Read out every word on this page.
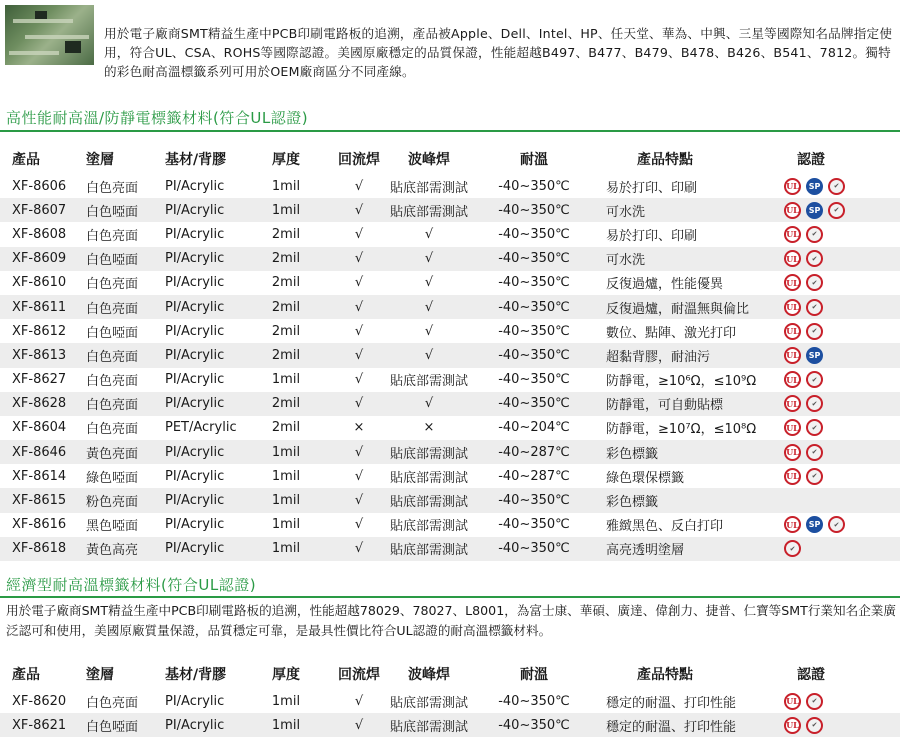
用於電子廠商SMT精益生產中PCB印刷電路板的追溯，產品被Apple、Dell、Intel、HP、任天堂、華為、中興、三星等國際知名品牌指定使用，符合UL、CSA、ROHS等國際認證。美國原廠穩定的品質保證，性能超越B497、B477、B479、B478、B426、B541、7812。獨特的彩色耐高溫標籤系列可用於OEM廠商區分不同產線。
高性能耐高溫/防靜電標籤材料(符合UL認證)
產品	塗層	基材/背膠	厚度	回流焊	波峰焊	耐溫	產品特點	認證
XF-8606 白色亮面 PI/Acrylic	1mil	√	貼底部需測試	-40~350℃	易於打印、印刷	UL	SP	✔
XF-8607 白色啞面 PI/Acrylic	1mil	√	貼底部需測試	-40~350℃	可水洗	UL	SP	✔
XF-8608 白色亮面 PI/Acrylic	2mil	√	√	-40~350℃	易於打印、印刷	UL	✔
XF-8609 白色啞面 PI/Acrylic	2mil	√	√	-40~350℃	可水洗	UL	✔
XF-8610 白色亮面 PI/Acrylic	2mil	√	√	-40~350℃	反復過爐，性能優異	UL	✔
XF-8611 白色亮面 PI/Acrylic	2mil	√	√	-40~350℃	反復過爐，耐溫無與倫比	UL	✔
XF-8612 白色啞面 PI/Acrylic	2mil	√	√	-40~350℃	數位、點陣、激光打印	UL	✔
XF-8613 白色亮面 PI/Acrylic	2mil	√	√	-40~350℃	超黏背膠，耐油污	UL	SP
XF-8627 白色亮面 PI/Acrylic	1mil	√	貼底部需測試	-40~350℃	防靜電，≥10⁶Ω，≤10⁹Ω	UL	✔
XF-8628 白色亮面 PI/Acrylic	2mil	√	√	-40~350℃	防靜電，可自動貼標	UL	✔
XF-8604 白色亮面 PET/Acrylic	2mil	×	×	-40~204℃	防靜電，≥10⁷Ω，≤10⁸Ω	UL	✔
XF-8646 黃色亮面 PI/Acrylic	1mil	√	貼底部需測試	-40~287℃	彩色標籤	UL	✔
XF-8614 綠色啞面 PI/Acrylic	1mil	√	貼底部需測試	-40~287℃	綠色環保標籤	UL	✔
XF-8615 粉色亮面 PI/Acrylic	1mil	√	貼底部需測試	-40~350℃	彩色標籤
XF-8616 黑色啞面 PI/Acrylic	1mil	√	貼底部需測試	-40~350℃	雅緻黑色、反白打印	UL	SP	✔
XF-8618 黃色高亮 PI/Acrylic	1mil	√	貼底部需測試	-40~350℃	高亮透明塗層	✔
經濟型耐高溫標籤材料(符合UL認證)
用於電子廠商SMT精益生產中PCB印刷電路板的追溯，性能超越78029、78027、L8001，為富士康、華碩、廣達、偉創力、捷普、仁寶等SMT行業知名企業廣泛認可和使用，美國原廠質量保證，品質穩定可靠，是最具性價比符合UL認證的耐高溫標籤材料。
產品	塗層	基材/背膠	厚度	回流焊	波峰焊	耐溫	產品特點	認證
XF-8620 白色亮面 PI/Acrylic	1mil	√	貼底部需測試	-40~350℃	穩定的耐溫、打印性能	UL	✔
XF-8621 白色啞面 PI/Acrylic	1mil	√	貼底部需測試	-40~350℃	穩定的耐溫、打印性能	UL	✔
